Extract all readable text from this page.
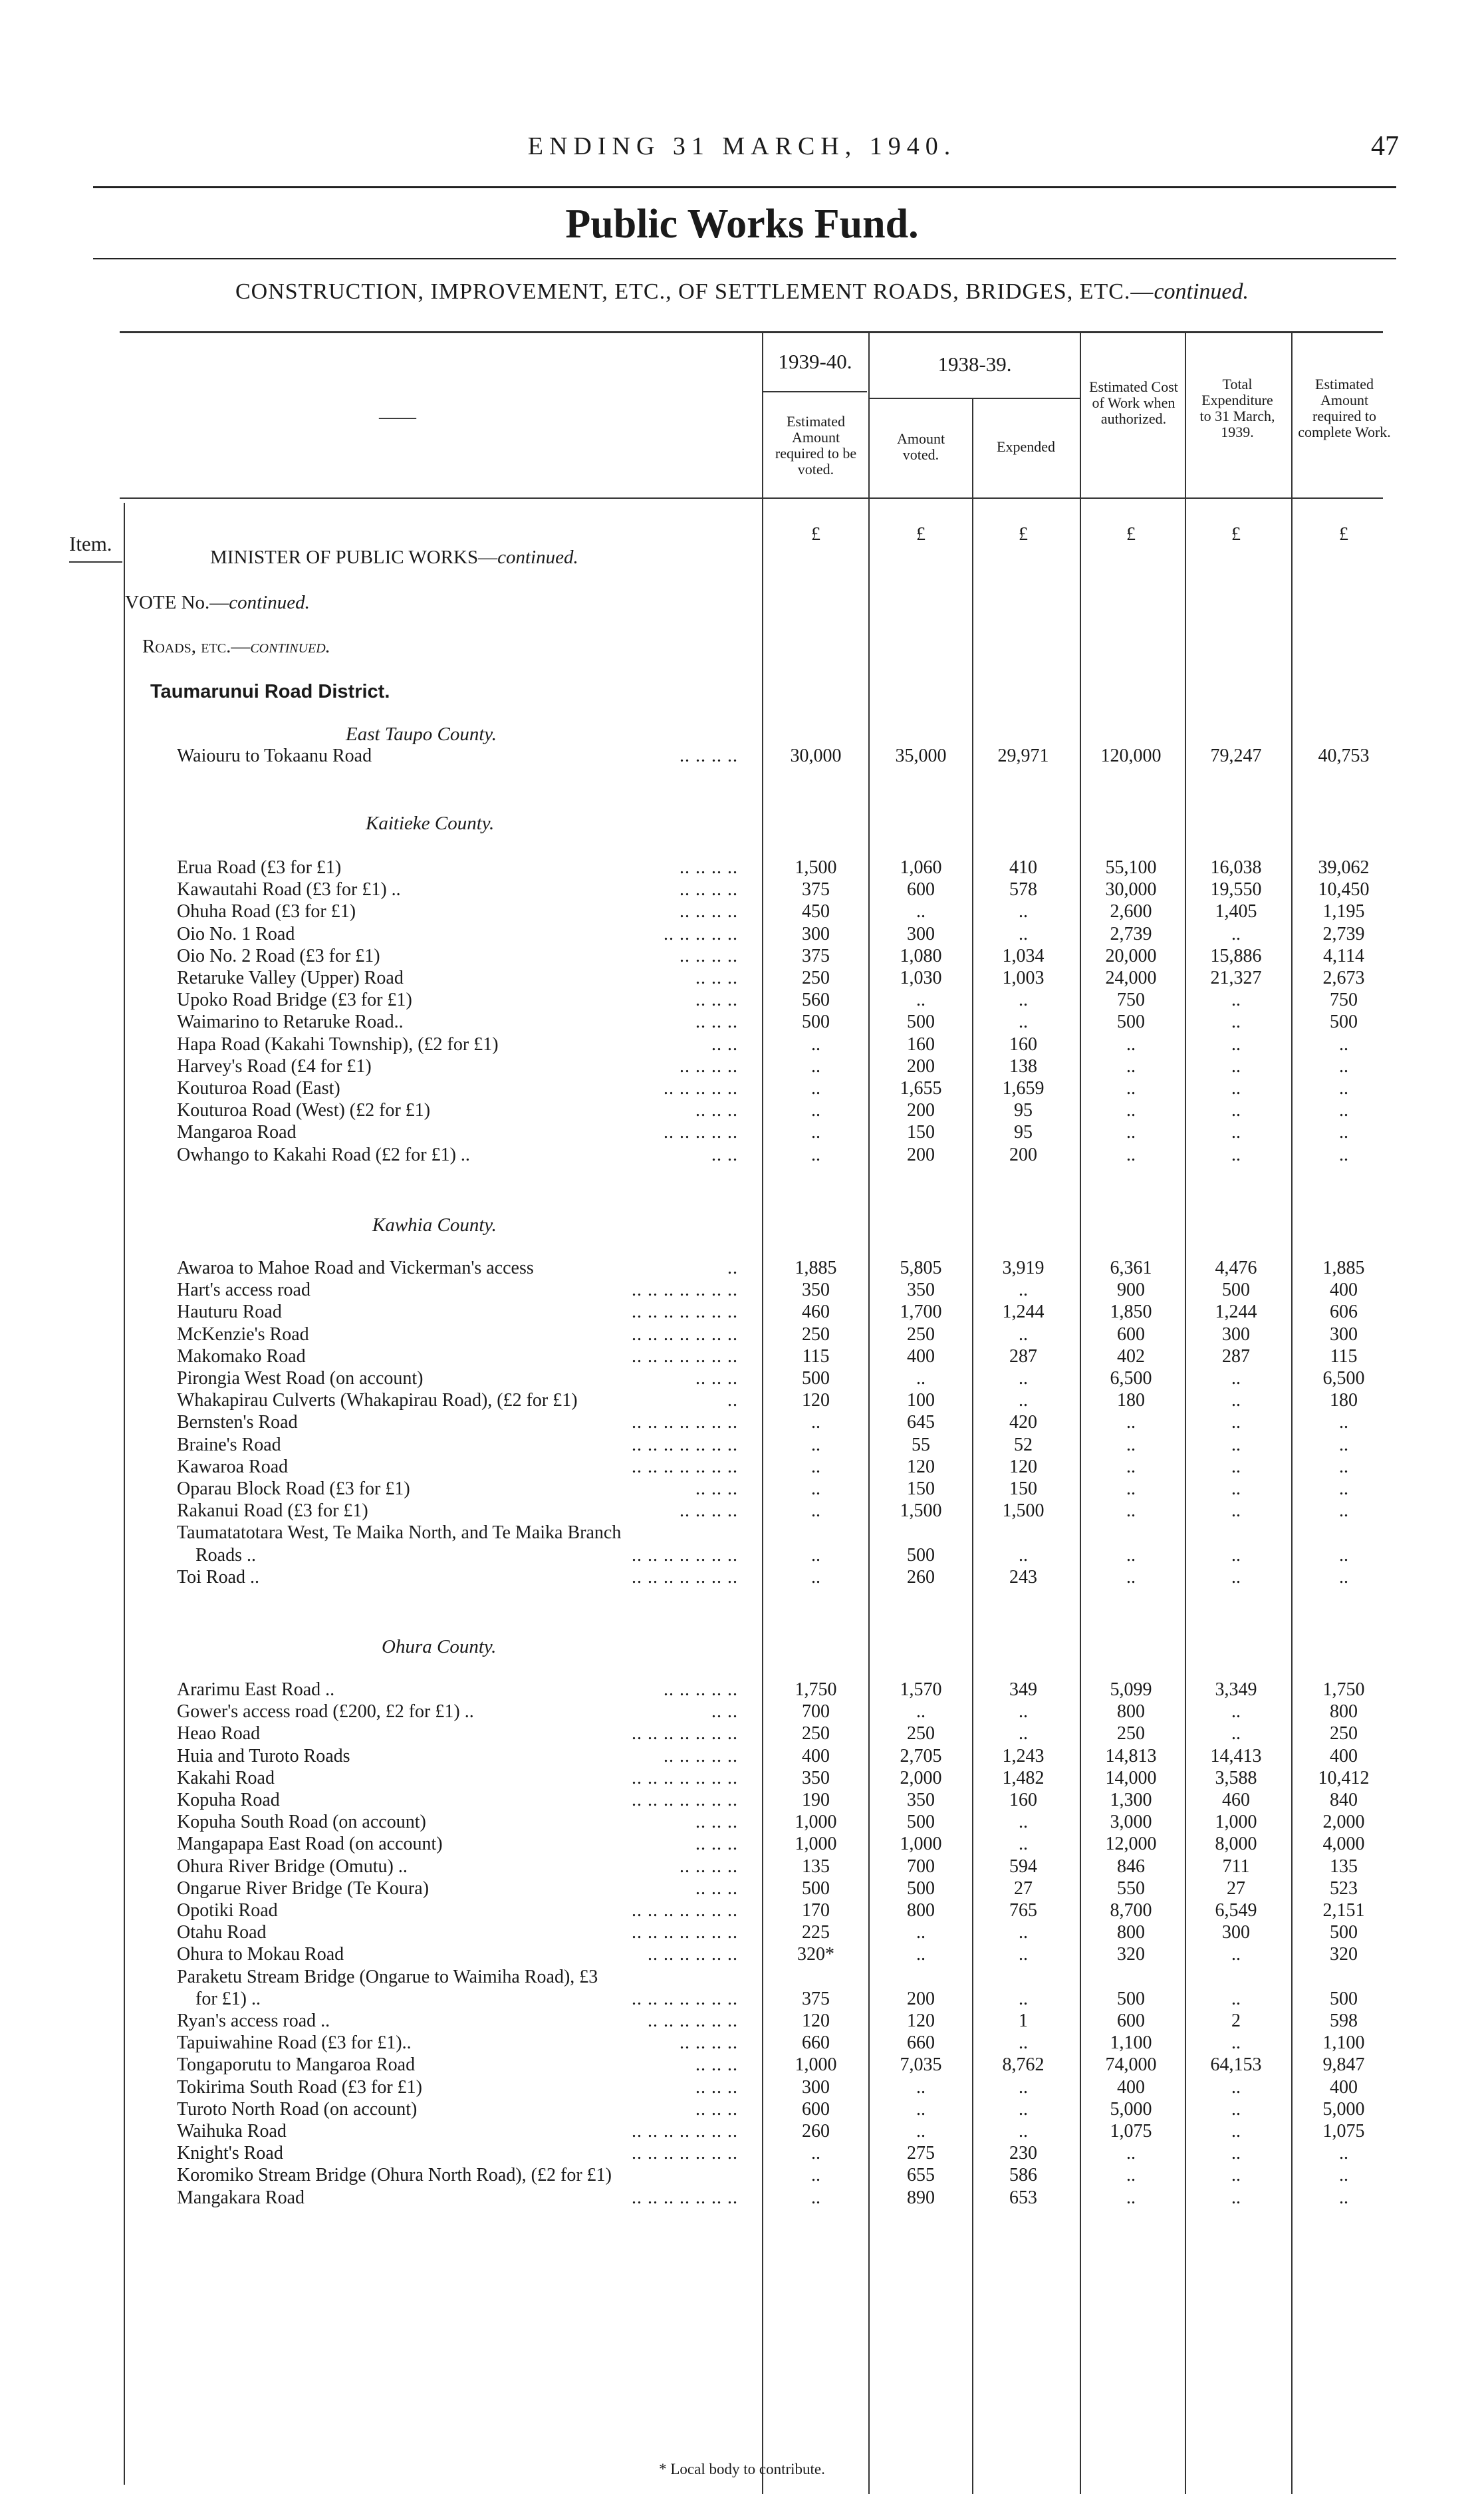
ENDING 31 MARCH, 1940.	47
Public Works Fund.
CONSTRUCTION, IMPROVEMENT, ETC., OF SETTLEMENT ROADS, BRIDGES, ETC.—continued.
——
1939-40.	1938-39.
Estimated Amount required to be voted.
Amount voted.	Expended
Estimated Cost of Work when authorized.
Total Expenditure to 31 March, 1939.
Estimated Amount required to complete Work.
Item.	£	£	£	£	£	£
MINISTER OF PUBLIC WORKS—continued.
VOTE No.—continued.
Roads, etc.—continued.
Taumarunui Road District.
East Taupo County.
Waiouru to Tokaanu Road	.. .. .. ..	30,000	35,000	29,971	120,000	79,247	40,753
Kaitieke County.
Erua Road (£3 for £1)	.. .. .. ..	1,500	1,060	410	55,100	16,038	39,062
Kawautahi Road (£3 for £1) ..	.. .. .. ..	375	600	578	30,000	19,550	10,450
Ohuha Road (£3 for £1)	.. .. .. ..	450	..	..	2,600	1,405	1,195
Oio No. 1 Road	.. .. .. .. ..	300	300	..	2,739	..	2,739
Oio No. 2 Road (£3 for £1)	.. .. .. ..	375	1,080	1,034	20,000	15,886	4,114
Retaruke Valley (Upper) Road	.. .. ..	250	1,030	1,003	24,000	21,327	2,673
Upoko Road Bridge (£3 for £1)	.. .. ..	560	..	..	750	..	750
Waimarino to Retaruke Road..	.. .. ..	500	500	..	500	..	500
Hapa Road (Kakahi Township), (£2 for £1)	.. ..	..	160	160	..	..	..
Harvey's Road (£4 for £1)	.. .. .. ..	..	200	138	..	..	..
Kouturoa Road (East)	.. .. .. .. ..	..	1,655	1,659	..	..	..
Kouturoa Road (West) (£2 for £1)	.. .. ..	..	200	95	..	..	..
Mangaroa Road	.. .. .. .. ..	..	150	95	..	..	..
Owhango to Kakahi Road (£2 for £1) ..	.. ..	..	200	200	..	..	..
Kawhia County.
Awaroa to Mahoe Road and Vickerman's access	..	1,885	5,805	3,919	6,361	4,476	1,885
Hart's access road	.. .. .. .. .. .. ..	350	350	..	900	500	400
Hauturu Road	.. .. .. .. .. .. ..	460	1,700	1,244	1,850	1,244	606
McKenzie's Road	.. .. .. .. .. .. ..	250	250	..	600	300	300
Makomako Road	.. .. .. .. .. .. ..	115	400	287	402	287	115
Pirongia West Road (on account)	.. .. ..	500	..	..	6,500	..	6,500
Whakapirau Culverts (Whakapirau Road), (£2 for £1)	..	120	100	..	180	..	180
Bernsten's Road	.. .. .. .. .. .. ..	..	645	420	..	..	..
Braine's Road	.. .. .. .. .. .. ..	..	55	52	..	..	..
Kawaroa Road	.. .. .. .. .. .. ..	..	120	120	..	..	..
Oparau Block Road (£3 for £1)	.. .. ..	..	150	150	..	..	..
Rakanui Road (£3 for £1)	.. .. .. ..	..	1,500	1,500	..	..	..
Taumatatotara West, Te Maika North, and Te Maika Branch
Roads ..	.. .. .. .. .. .. ..	..	500	..	..	..	..
Toi Road ..	.. .. .. .. .. .. ..	..	260	243	..	..	..
Ohura County.
Ararimu East Road ..	.. .. .. .. ..	1,750	1,570	349	5,099	3,349	1,750
Gower's access road (£200, £2 for £1) ..	.. ..	700	..	..	800	..	800
Heao Road	.. .. .. .. .. .. ..	250	250	..	250	..	250
Huia and Turoto Roads	.. .. .. .. ..	400	2,705	1,243	14,813	14,413	400
Kakahi Road	.. .. .. .. .. .. ..	350	2,000	1,482	14,000	3,588	10,412
Kopuha Road	.. .. .. .. .. .. ..	190	350	160	1,300	460	840
Kopuha South Road (on account)	.. .. ..	1,000	500	..	3,000	1,000	2,000
Mangapapa East Road (on account)	.. .. ..	1,000	1,000	..	12,000	8,000	4,000
Ohura River Bridge (Omutu) ..	.. .. .. ..	135	700	594	846	711	135
Ongarue River Bridge (Te Koura)	.. .. ..	500	500	27	550	27	523
Opotiki Road	.. .. .. .. .. .. ..	170	800	765	8,700	6,549	2,151
Otahu Road	.. .. .. .. .. .. ..	225	..	..	800	300	500
Ohura to Mokau Road	.. .. .. .. .. ..	320*	..	..	320	..	320
Paraketu Stream Bridge (Ongarue to Waimiha Road), £3
for £1) ..	.. .. .. .. .. .. ..	375	200	..	500	..	500
Ryan's access road ..	.. .. .. .. .. ..	120	120	1	600	2	598
Tapuiwahine Road (£3 for £1)..	.. .. .. ..	660	660	..	1,100	..	1,100
Tongaporutu to Mangaroa Road	.. .. ..	1,000	7,035	8,762	74,000	64,153	9,847
Tokirima South Road (£3 for £1)	.. .. ..	300	..	..	400	..	400
Turoto North Road (on account)	.. .. ..	600	..	..	5,000	..	5,000
Waihuka Road	.. .. .. .. .. .. ..	260	..	..	1,075	..	1,075
Knight's Road	.. .. .. .. .. .. ..	..	275	230	..	..	..
Koromiko Stream Bridge (Ohura North Road), (£2 for £1)	..	655	586	..	..	..
Mangakara Road	.. .. .. .. .. .. ..	..	890	653	..	..	..
* Local body to contribute.
